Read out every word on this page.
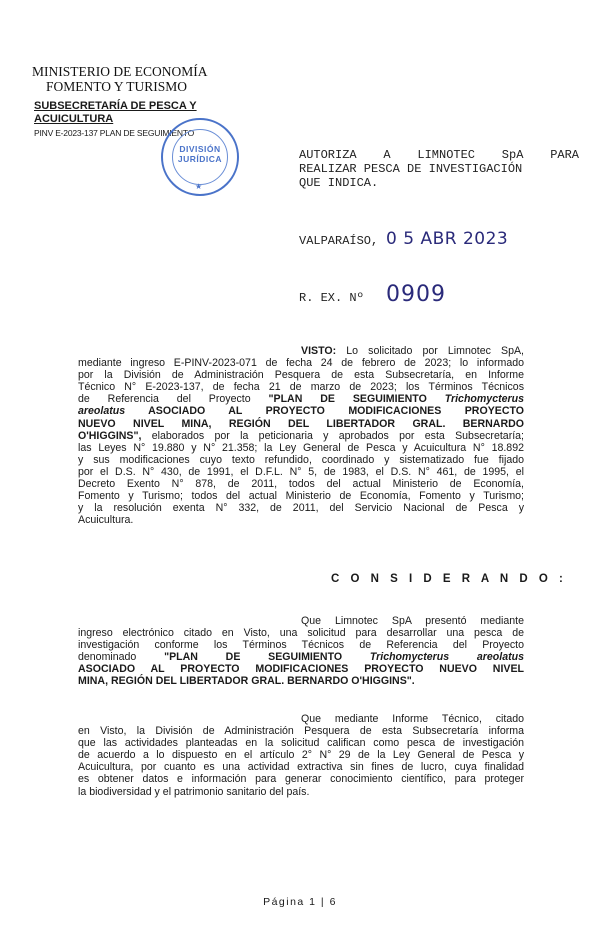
MINISTERIO DE ECONOMÍA
FOMENTO Y TURISMO
SUBSECRETARÍA DE PESCA Y
ACUICULTURA
PINV E-2023-137 PLAN DE SEGUIMIENTO
DIVISIÓN
JURÍDICA
★
AUTORIZA A LIMNOTEC SpA PARA
REALIZAR PESCA DE INVESTIGACIÓN
QUE INDICA.
VALPARAÍSO, 0 5 ABR 2023
R. EX. Nº 0909
VISTO: Lo solicitado por Limnotec SpA,
mediante ingreso E-PINV-2023-071 de fecha 24 de febrero de 2023; lo informado
por la División de Administración Pesquera de esta Subsecretaría, en Informe
Técnico N° E-2023-137, de fecha 21 de marzo de 2023; los Términos Técnicos
de Referencia del Proyecto "PLAN DE SEGUIMIENTO Trichomycterus
areolatus ASOCIADO AL PROYECTO MODIFICACIONES PROYECTO
NUEVO NIVEL MINA, REGIÓN DEL LIBERTADOR GRAL. BERNARDO
O'HIGGINS", elaborados por la peticionaria y aprobados por esta Subsecretaría;
las Leyes N° 19.880 y N° 21.358; la Ley General de Pesca y Acuicultura N° 18.892
y sus modificaciones cuyo texto refundido, coordinado y sistematizado fue fijado
por el D.S. N° 430, de 1991, el D.F.L. N° 5, de 1983, el D.S. N° 461, de 1995, el
Decreto Exento N° 878, de 2011, todos del actual Ministerio de Economía,
Fomento y Turismo; todos del actual Ministerio de Economía, Fomento y Turismo;
y la resolución exenta N° 332, de 2011, del Servicio Nacional de Pesca y
Acuicultura.
C O N S I D E R A N D O :
Que Limnotec SpA presentó mediante
ingreso electrónico citado en Visto, una solicitud para desarrollar una pesca de
investigación conforme los Términos Técnicos de Referencia del Proyecto
denominado "PLAN DE SEGUIMIENTO Trichomycterus areolatus
ASOCIADO AL PROYECTO MODIFICACIONES PROYECTO NUEVO NIVEL
MINA, REGIÓN DEL LIBERTADOR GRAL. BERNARDO O'HIGGINS".
Que mediante Informe Técnico, citado
en Visto, la División de Administración Pesquera de esta Subsecretaría informa
que las actividades planteadas en la solicitud califican como pesca de investigación
de acuerdo a lo dispuesto en el artículo 2° N° 29 de la Ley General de Pesca y
Acuicultura, por cuanto es una actividad extractiva sin fines de lucro, cuya finalidad
es obtener datos e información para generar conocimiento científico, para proteger
la biodiversidad y el patrimonio sanitario del país.
Página 1 | 6
